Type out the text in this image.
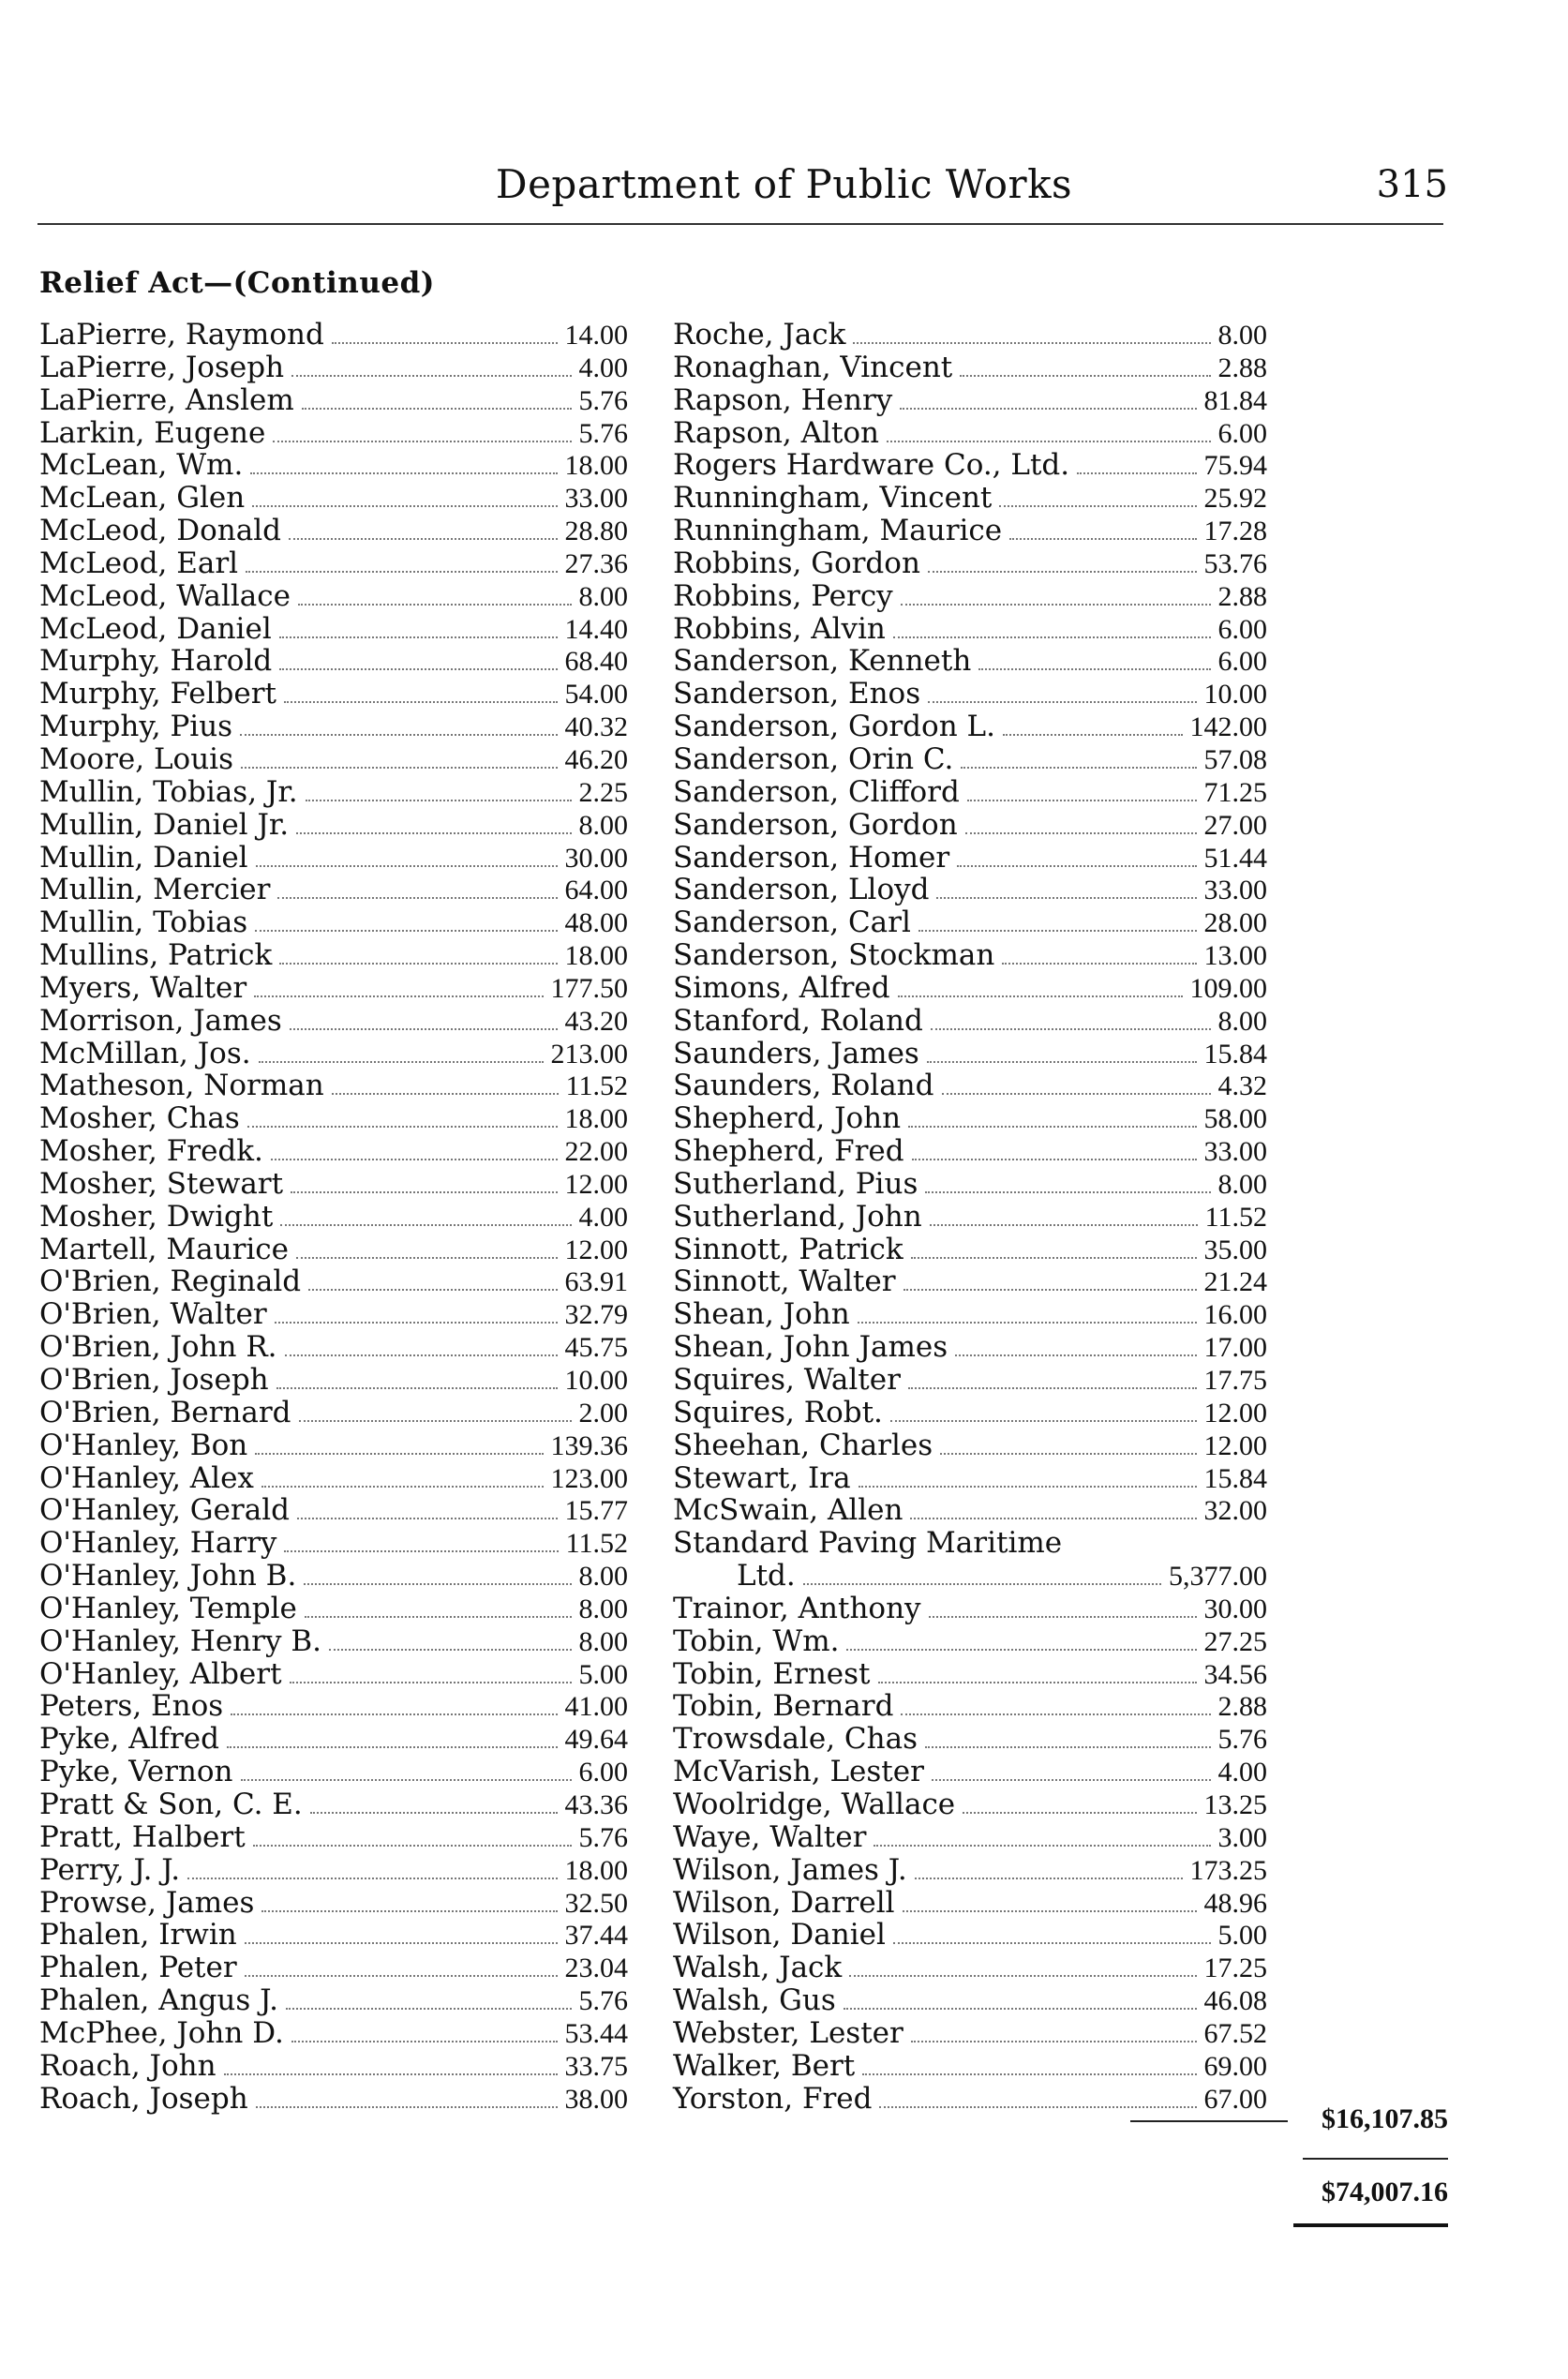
Department of Public Works	315
Relief Act—(Continued)
LaPierre, Raymond	14.00
LaPierre, Joseph	4.00
LaPierre, Anslem	5.76
Larkin, Eugene	5.76
McLean, Wm.	18.00
McLean, Glen	33.00
McLeod, Donald	28.80
McLeod, Earl	27.36
McLeod, Wallace	8.00
McLeod, Daniel	14.40
Murphy, Harold	68.40
Murphy, Felbert	54.00
Murphy, Pius	40.32
Moore, Louis	46.20
Mullin, Tobias, Jr.	2.25
Mullin, Daniel Jr.	8.00
Mullin, Daniel	30.00
Mullin, Mercier	64.00
Mullin, Tobias	48.00
Mullins, Patrick	18.00
Myers, Walter	177.50
Morrison, James	43.20
McMillan, Jos.	213.00
Matheson, Norman	11.52
Mosher, Chas	18.00
Mosher, Fredk.	22.00
Mosher, Stewart	12.00
Mosher, Dwight	4.00
Martell, Maurice	12.00
O'Brien, Reginald	63.91
O'Brien, Walter	32.79
O'Brien, John R.	45.75
O'Brien, Joseph	10.00
O'Brien, Bernard	2.00
O'Hanley, Bon	139.36
O'Hanley, Alex	123.00
O'Hanley, Gerald	15.77
O'Hanley, Harry	11.52
O'Hanley, John B.	8.00
O'Hanley, Temple	8.00
O'Hanley, Henry B.	8.00
O'Hanley, Albert	5.00
Peters, Enos	41.00
Pyke, Alfred	49.64
Pyke, Vernon	6.00
Pratt & Son, C. E.	43.36
Pratt, Halbert	5.76
Perry, J. J.	18.00
Prowse, James	32.50
Phalen, Irwin	37.44
Phalen, Peter	23.04
Phalen, Angus J.	5.76
McPhee, John D.	53.44
Roach, John	33.75
Roach, Joseph	38.00
Roche, Jack	8.00
Ronaghan, Vincent	2.88
Rapson, Henry	81.84
Rapson, Alton	6.00
Rogers Hardware Co., Ltd.	75.94
Runningham, Vincent	25.92
Runningham, Maurice	17.28
Robbins, Gordon	53.76
Robbins, Percy	2.88
Robbins, Alvin	6.00
Sanderson, Kenneth	6.00
Sanderson, Enos	10.00
Sanderson, Gordon L.	142.00
Sanderson, Orin C.	57.08
Sanderson, Clifford	71.25
Sanderson, Gordon	27.00
Sanderson, Homer	51.44
Sanderson, Lloyd	33.00
Sanderson, Carl	28.00
Sanderson, Stockman	13.00
Simons, Alfred	109.00
Stanford, Roland	8.00
Saunders, James	15.84
Saunders, Roland	4.32
Shepherd, John	58.00
Shepherd, Fred	33.00
Sutherland, Pius	8.00
Sutherland, John	11.52
Sinnott, Patrick	35.00
Sinnott, Walter	21.24
Shean, John	16.00
Shean, John James	17.00
Squires, Walter	17.75
Squires, Robt.	12.00
Sheehan, Charles	12.00
Stewart, Ira	15.84
McSwain, Allen	32.00
Standard Paving Maritime
Ltd.	5,377.00
Trainor, Anthony	30.00
Tobin, Wm.	27.25
Tobin, Ernest	34.56
Tobin, Bernard	2.88
Trowsdale, Chas	5.76
McVarish, Lester	4.00
Woolridge, Wallace	13.25
Waye, Walter	3.00
Wilson, James J.	173.25
Wilson, Darrell	48.96
Wilson, Daniel	5.00
Walsh, Jack	17.25
Walsh, Gus	46.08
Webster, Lester	67.52
Walker, Bert	69.00
Yorston, Fred	67.00
$16,107.85
$74,007.16
